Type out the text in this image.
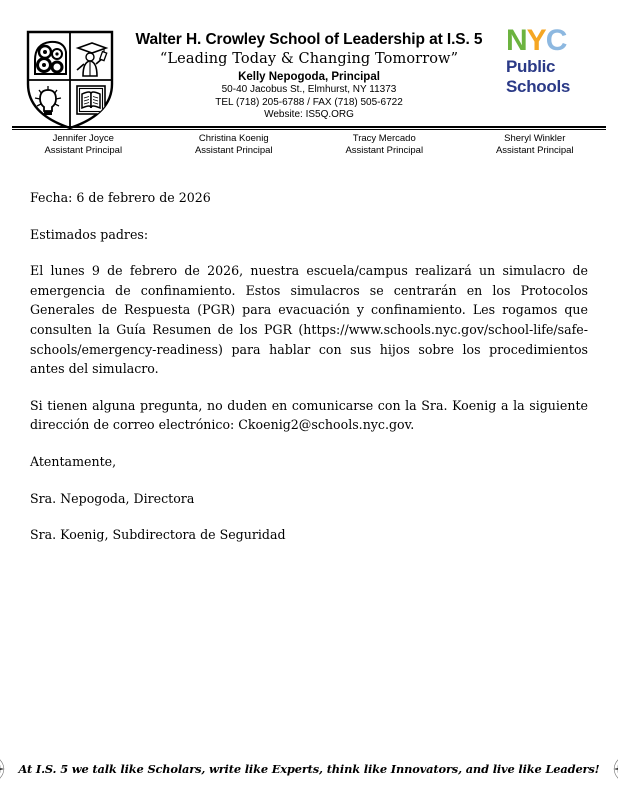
Walter H. Crowley School of Leadership at I.S. 5
“Leading Today & Changing Tomorrow”
Kelly Nepogoda, Principal
50-40 Jacobus St., Elmhurst, NY 11373
TEL (718) 205-6788 / FAX (718) 505-6722
Website: IS5Q.ORG
NYC
Public
Schools
Jennifer Joyce
Assistant Principal
Christina Koenig
Assistant Principal
Tracy Mercado
Assistant Principal
Sheryl Winkler
Assistant Principal

Fecha: 6 de febrero de 2026

Estimados padres:

El lunes 9 de febrero de 2026, nuestra escuela/campus realizará un simulacro de emergencia de confinamiento. Estos simulacros se centrarán en los Protocolos Generales de Respuesta (PGR) para evacuación y confinamiento. Les rogamos que consulten la Guía Resumen de los PGR (https://www.schools.nyc.gov/school-life/safe-schools/emergency-readiness) para hablar con sus hijos sobre los procedimientos antes del simulacro.

Si tienen alguna pregunta, no duden en comunicarse con la Sra. Koenig a la siguiente dirección de correo electrónico: Ckoenig2@schools.nyc.gov.

Atentamente,

Sra. Nepogoda, Directora

Sra. Koenig, Subdirectora de Seguridad

At I.S. 5 we talk like Scholars, write like Experts, think like Innovators, and live like Leaders!
